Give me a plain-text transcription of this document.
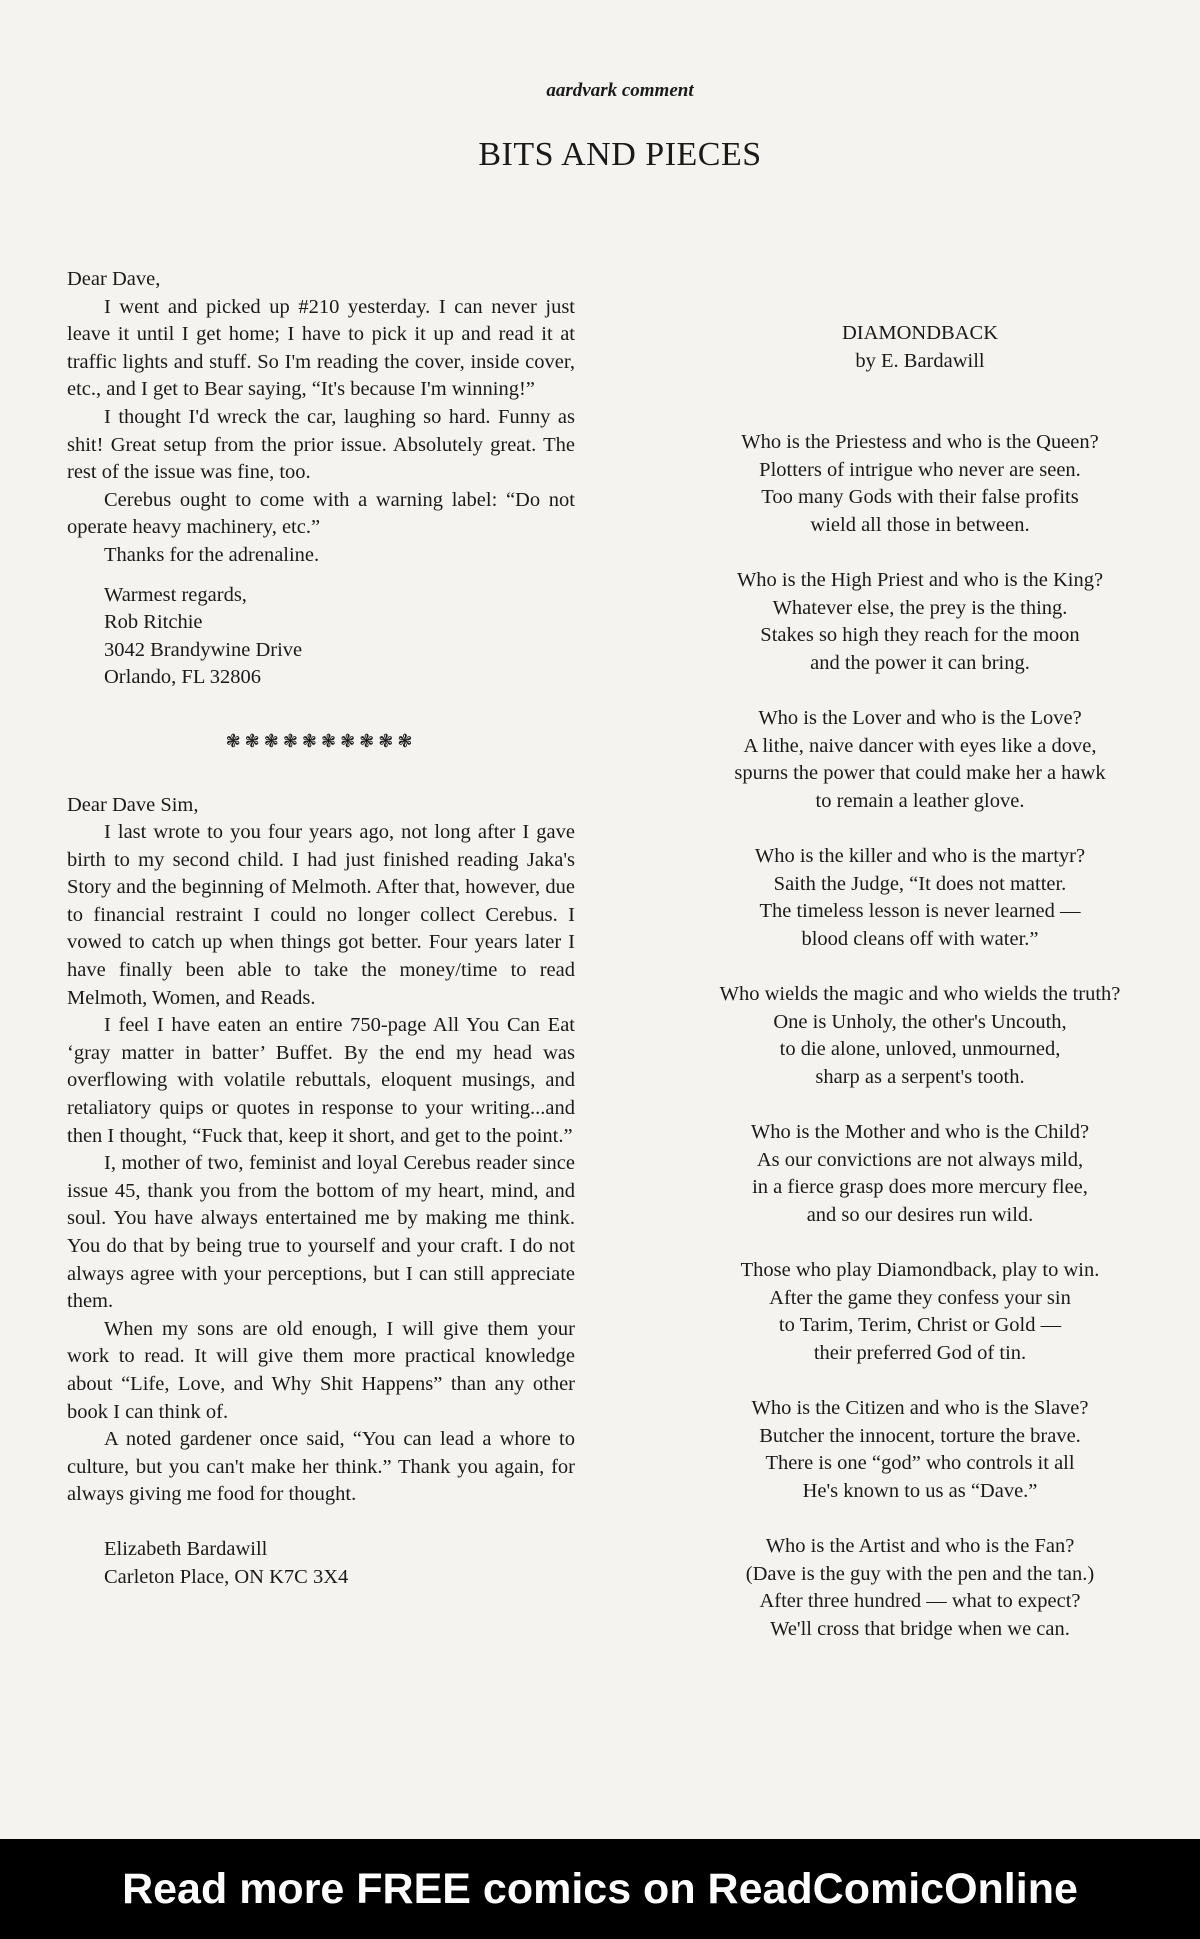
aardvark comment
BITS AND PIECES

Dear Dave,

I went and picked up #210 yesterday. I can never just leave it until I get home; I have to pick it up and read it at traffic lights and stuff. So I'm reading the cover, inside cover, etc., and I get to Bear saying, “It's because I'm winning!”

I thought I'd wreck the car, laughing so hard. Funny as shit! Great setup from the prior issue. Absolutely great. The rest of the issue was fine, too.

Cerebus ought to come with a warning label: “Do not operate heavy machinery, etc.”

Thanks for the adrenaline.

Warmest regards,
Rob Ritchie
3042 Brandywine Drive
Orlando, FL 32806
❃❃❃❃❃❃❃❃❃❃

Dear Dave Sim,

I last wrote to you four years ago, not long after I gave birth to my second child. I had just finished reading Jaka's Story and the beginning of Melmoth. After that, however, due to financial restraint I could no longer collect Cerebus. I vowed to catch up when things got better. Four years later I have finally been able to take the money/time to read Melmoth, Women, and Reads.

I feel I have eaten an entire 750-page All You Can Eat ‘gray matter in batter’ Buffet. By the end my head was overflowing with volatile rebuttals, eloquent musings, and retaliatory quips or quotes in response to your writing...and then I thought, “Fuck that, keep it short, and get to the point.”

I, mother of two, feminist and loyal Cerebus reader since issue 45, thank you from the bottom of my heart, mind, and soul. You have always entertained me by making me think. You do that by being true to yourself and your craft. I do not always agree with your perceptions, but I can still appreciate them.

When my sons are old enough, I will give them your work to read. It will give them more practical knowledge about “Life, Love, and Why Shit Happens” than any other book I can think of.

A noted gardener once said, “You can lead a whore to culture, but you can't make her think.” Thank you again, for always giving me food for thought.

Elizabeth Bardawill
Carleton Place, ON K7C 3X4

DIAMONDBACK

by E. Bardawill

Who is the Priestess and who is the Queen?
Plotters of intrigue who never are seen.
Too many Gods with their false profits
wield all those in between.
Who is the High Priest and who is the King?
Whatever else, the prey is the thing.
Stakes so high they reach for the moon
and the power it can bring.
Who is the Lover and who is the Love?
A lithe, naive dancer with eyes like a dove,
spurns the power that could make her a hawk
to remain a leather glove.
Who is the killer and who is the martyr?
Saith the Judge, “It does not matter.
The timeless lesson is never learned —
blood cleans off with water.”
Who wields the magic and who wields the truth?
One is Unholy, the other's Uncouth,
to die alone, unloved, unmourned,
sharp as a serpent's tooth.
Who is the Mother and who is the Child?
As our convictions are not always mild,
in a fierce grasp does more mercury flee,
and so our desires run wild.
Those who play Diamondback, play to win.
After the game they confess your sin
to Tarim, Terim, Christ or Gold —
their preferred God of tin.
Who is the Citizen and who is the Slave?
Butcher the innocent, torture the brave.
There is one “god” who controls it all
He's known to us as “Dave.”
Who is the Artist and who is the Fan?
(Dave is the guy with the pen and the tan.)
After three hundred — what to expect?
We'll cross that bridge when we can.
Read more FREE comics on ReadComicOnline
